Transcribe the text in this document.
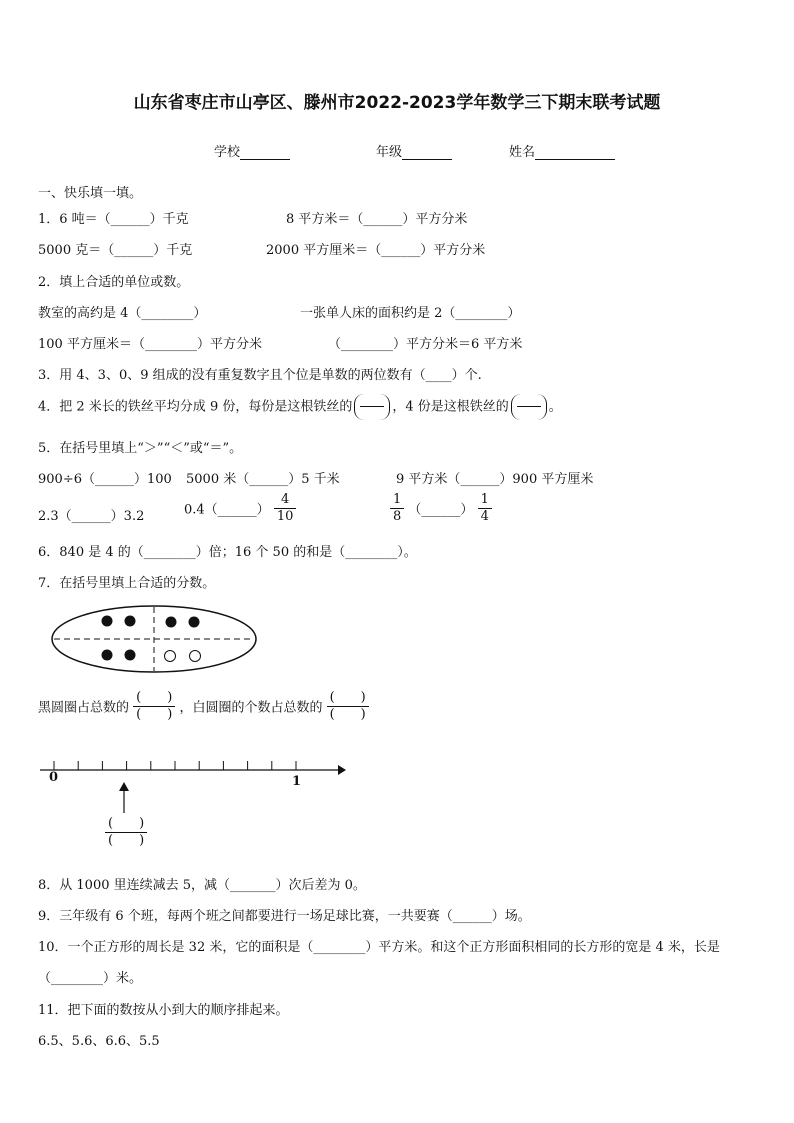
山东省枣庄市山亭区、滕州市2022-2023学年数学三下期末联考试题
学校	年级	姓名
一、快乐填一填。
1．6 吨＝（______）千克	8 平方米＝（______）平方分米
5000 克＝（______）千克	2000 平方厘米＝（______）平方分米
2．填上合适的单位或数。
教室的高约是 4（________）	一张单人床的面积约是 2（________）
100 平方厘米＝（________）平方分米	（________）平方分米＝6 平方米
3．用 4、3、0、9 组成的没有重复数字且个位是单数的两位数有（____）个.
4．把 2 米长的铁丝平均分成 9 份，每份是这根铁丝的	，4 份是这根铁丝的	。
5．在括号里填上“＞”“＜”或“＝”。
900÷6（______）100 5000 米（______）5 千米	9 平方米（______）900 平方厘米
2.3（______）3.2	0.4（______） $\frac{4}{10}$	$\frac{1}{8}$ （______） $\frac{1}{4}$
6．840 是 4 的（________）倍；16 个 50 的和是（________）。
7．在括号里填上合适的分数。
黑圆圈占总数的 $\frac{( )}{( )}$ ，白圆圈的个数占总数的 $\frac{( )}{( )}$
0	1
$\frac{( )}{( )}$
8．从 1000 里连续减去 5，减（_______）次后差为 0。
9．三年级有 6 个班，每两个班之间都要进行一场足球比赛，一共要赛（______）场。
10．一个正方形的周长是 32 米，它的面积是（________）平方米。和这个正方形面积相同的长方形的宽是 4 米，长是
（________）米。
11．把下面的数按从小到大的顺序排起来。
6.5、5.6、6.6、5.5
